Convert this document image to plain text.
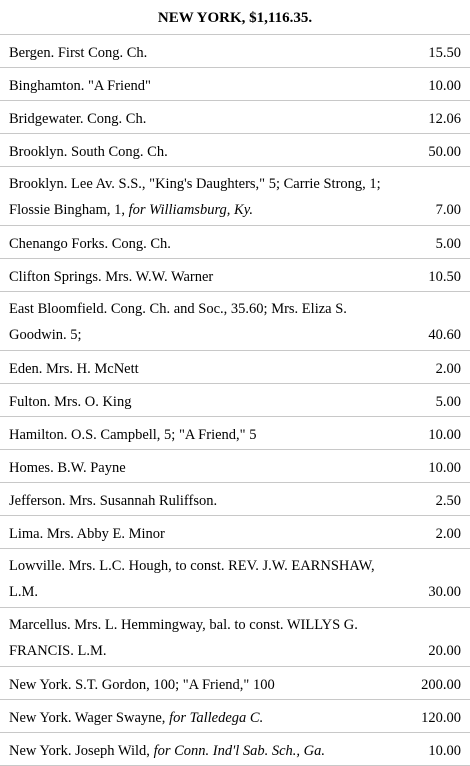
NEW YORK, $1,116.35.
Bergen. First Cong. Ch.	15.50
Binghamton. "A Friend"	10.00
Bridgewater. Cong. Ch.	12.06
Brooklyn. South Cong. Ch.	50.00
Brooklyn. Lee Av. S.S., "King's Daughters," 5; Carrie Strong, 1; Flossie Bingham, 1, for Williamsburg, Ky.	7.00
Chenango Forks. Cong. Ch.	5.00
Clifton Springs. Mrs. W.W. Warner	10.50
East Bloomfield. Cong. Ch. and Soc., 35.60; Mrs. Eliza S. Goodwin. 5;	40.60
Eden. Mrs. H. McNett	2.00
Fulton. Mrs. O. King	5.00
Hamilton. O.S. Campbell, 5; "A Friend," 5	10.00
Homes. B.W. Payne	10.00
Jefferson. Mrs. Susannah Ruliffson.	2.50
Lima. Mrs. Abby E. Minor	2.00
Lowville. Mrs. L.C. Hough, to const. REV. J.W. EARNSHAW, L.M.	30.00
Marcellus. Mrs. L. Hemmingway, bal. to const. WILLYS G. FRANCIS. L.M.	20.00
New York. S.T. Gordon, 100; "A Friend," 100	200.00
New York. Wager Swayne, for Talledega C.	120.00
New York. Joseph Wild, for Conn. Ind'l Sab. Sch., Ga.	10.00
